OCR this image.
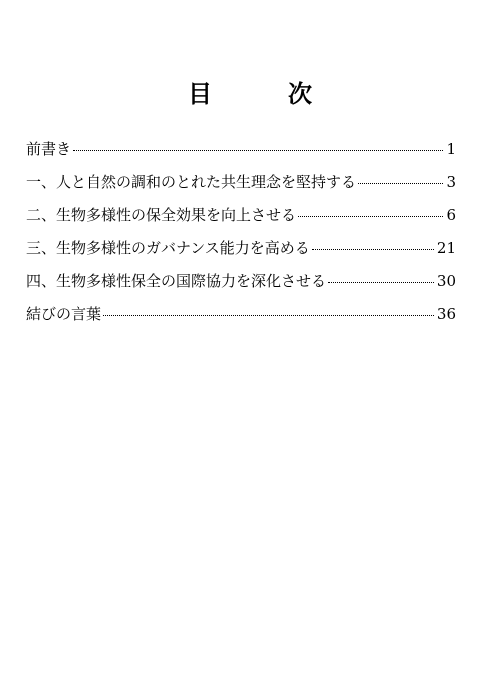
目　次
前書き	1
一、人と自然の調和のとれた共生理念を堅持する	3
二、生物多様性の保全効果を向上させる	6
三、生物多様性のガバナンス能力を高める	21
四、生物多様性保全の国際協力を深化させる	30
結びの言葉	36
